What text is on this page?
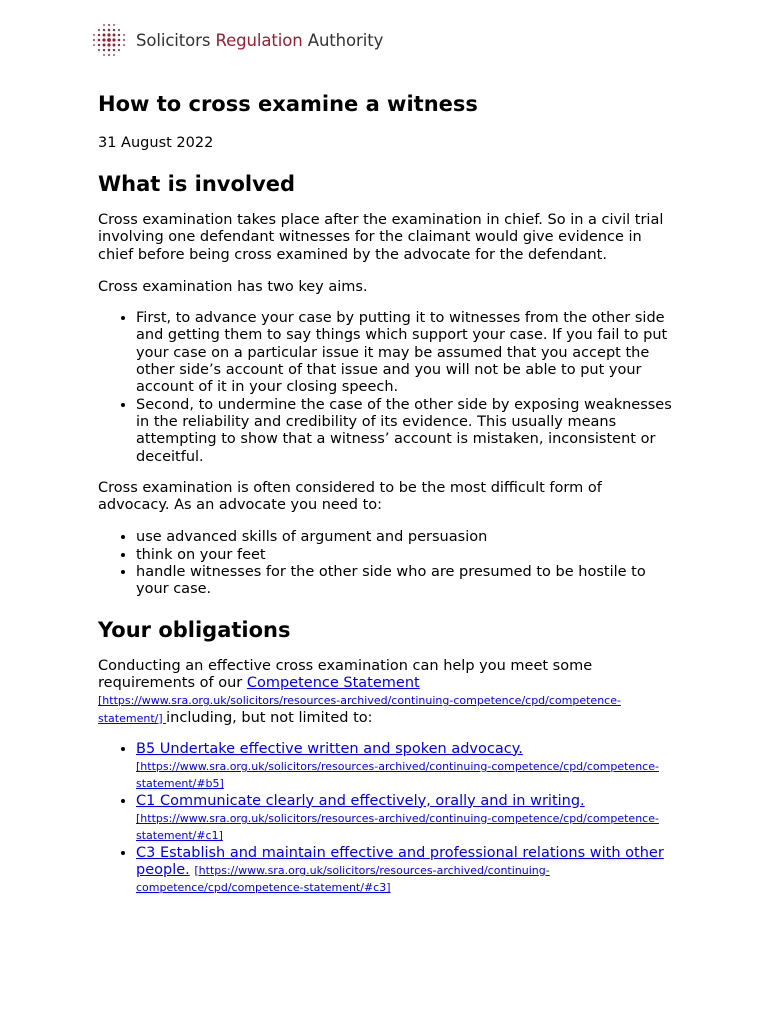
Solicitors Regulation Authority
How to cross examine a witness
31 August 2022
What is involved

Cross examination takes place after the examination in chief. So in a civil trial involving one defendant witnesses for the claimant would give evidence in chief before being cross examined by the advocate for the defendant.

Cross examination has two key aims.

• First, to advance your case by putting it to witnesses from the other side and getting them to say things which support your case. If you fail to put your case on a particular issue it may be assumed that you accept the other side’s account of that issue and you will not be able to put your account of it in your closing speech.
• Second, to undermine the case of the other side by exposing weaknesses in the reliability and credibility of its evidence. This usually means attempting to show that a witness’ account is mistaken, inconsistent or deceitful.

Cross examination is often considered to be the most difficult form of advocacy. As an advocate you need to:

• use advanced skills of argument and persuasion
• think on your feet
• handle witnesses for the other side who are presumed to be hostile to your case.
Your obligations

Conducting an effective cross examination can help you meet some requirements of our Competence Statement
[https://www.sra.org.uk/solicitors/resources-archived/continuing-competence/cpd/competence-statement/] including, but not limited to:

• B5 Undertake effective written and spoken advocacy.
[https://www.sra.org.uk/solicitors/resources-archived/continuing-competence/cpd/competence-statement/#b5]
• C1 Communicate clearly and effectively, orally and in writing.
[https://www.sra.org.uk/solicitors/resources-archived/continuing-competence/cpd/competence-statement/#c1]
• C3 Establish and maintain effective and professional relations with other people. [https://www.sra.org.uk/solicitors/resources-archived/continuing-competence/cpd/competence-statement/#c3]
